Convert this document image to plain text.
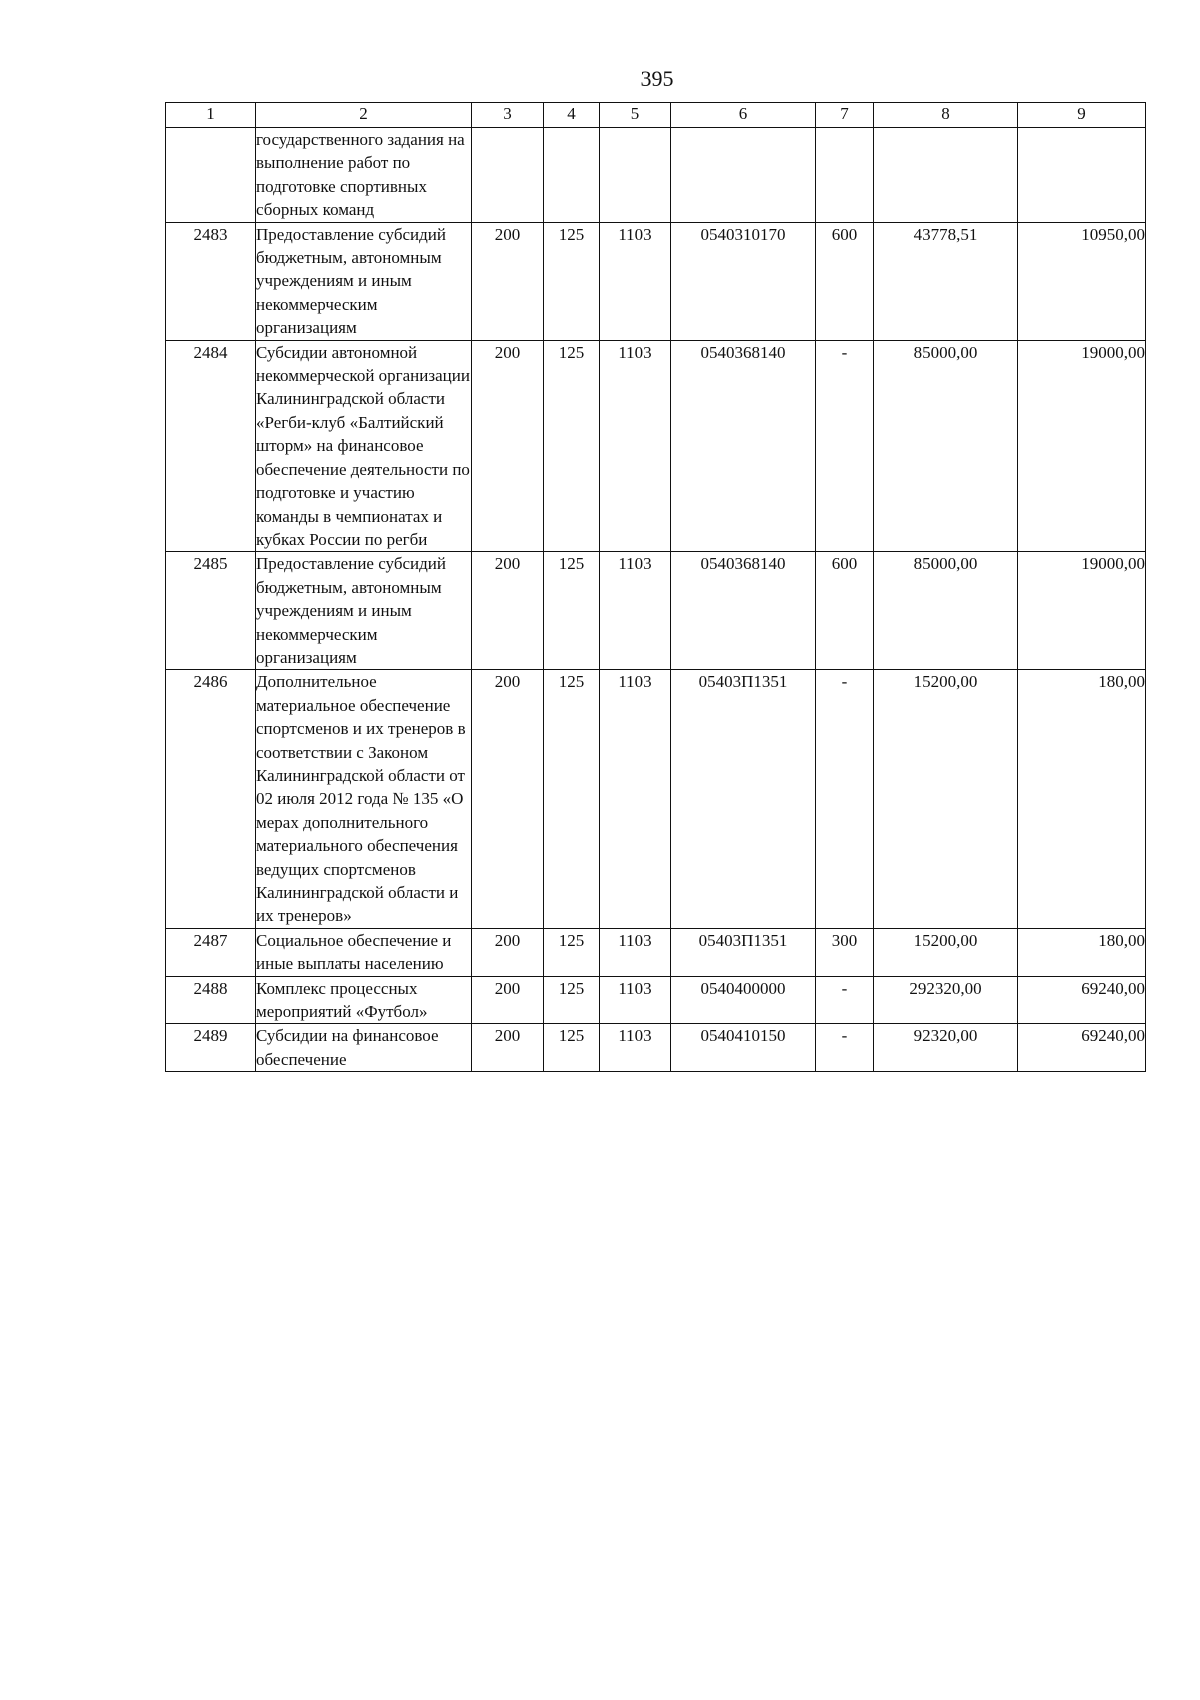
395
1	2	3	4	5	6	7	8	9
	государственного задания на выполнение работ по подготовке спортивных сборных команд							
2483	Предоставление субсидий бюджетным, автономным учреждениям и иным некоммерческим организациям	200	125	1103	0540310170	600	43778,51	10950,00
2484	Субсидии автономной некоммерческой организации Калининградской области «Регби-клуб «Балтийский шторм» на финансовое обеспечение деятельности по подготовке и участию команды в чемпионатах и кубках России по регби	200	125	1103	0540368140	-	85000,00	19000,00
2485	Предоставление субсидий бюджетным, автономным учреждениям и иным некоммерческим организациям	200	125	1103	0540368140	600	85000,00	19000,00
2486	Дополнительное материальное обеспечение спортсменов и их тренеров в соответствии с Законом Калининградской области от 02 июля 2012 года № 135 «О мерах дополнительного материального обеспечения ведущих спортсменов Калининградской области и их тренеров»	200	125	1103	05403П1351	-	15200,00	180,00
2487	Социальное обеспечение и иные выплаты населению	200	125	1103	05403П1351	300	15200,00	180,00
2488	Комплекс процессных мероприятий «Футбол»	200	125	1103	0540400000	-	292320,00	69240,00
2489	Субсидии на финансовое обеспечение	200	125	1103	0540410150	-	92320,00	69240,00
